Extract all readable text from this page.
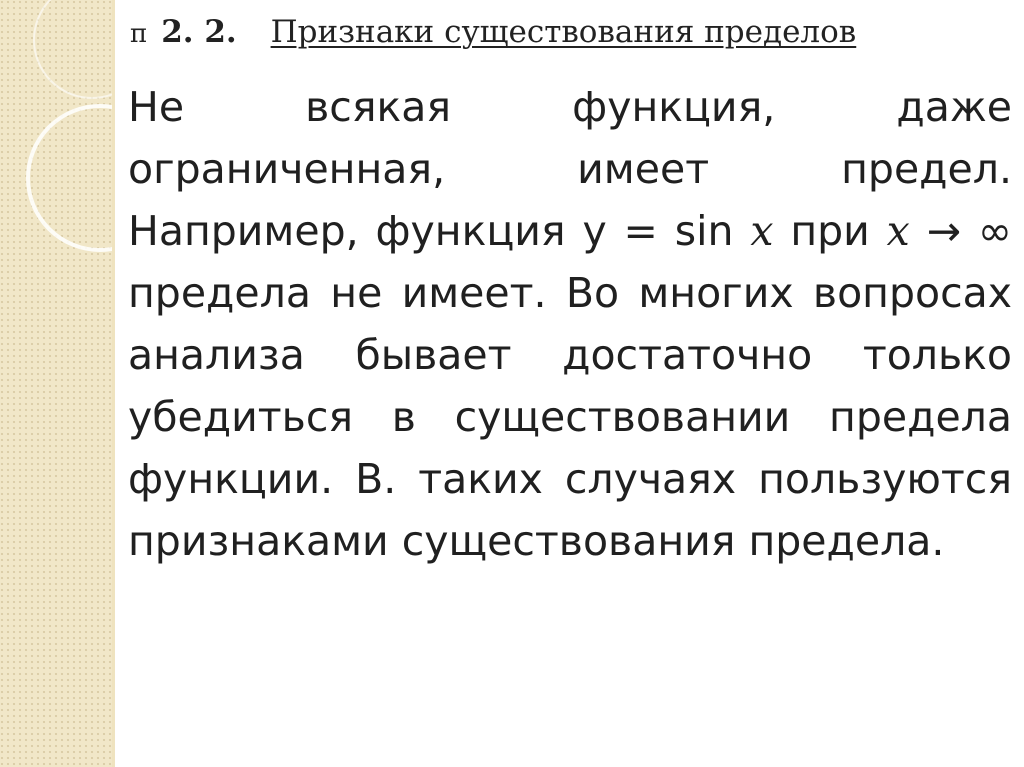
п 2. 2. Признаки существования пределов

Не всякая функция, даже ограниченная, имеет предел. Например, функция y = sin x при x → ∞ предела не имеет. Во многих вопросах анализа бывает достаточно только убедиться в существовании предела функции. В. таких случаях пользуются признаками существования предела.
